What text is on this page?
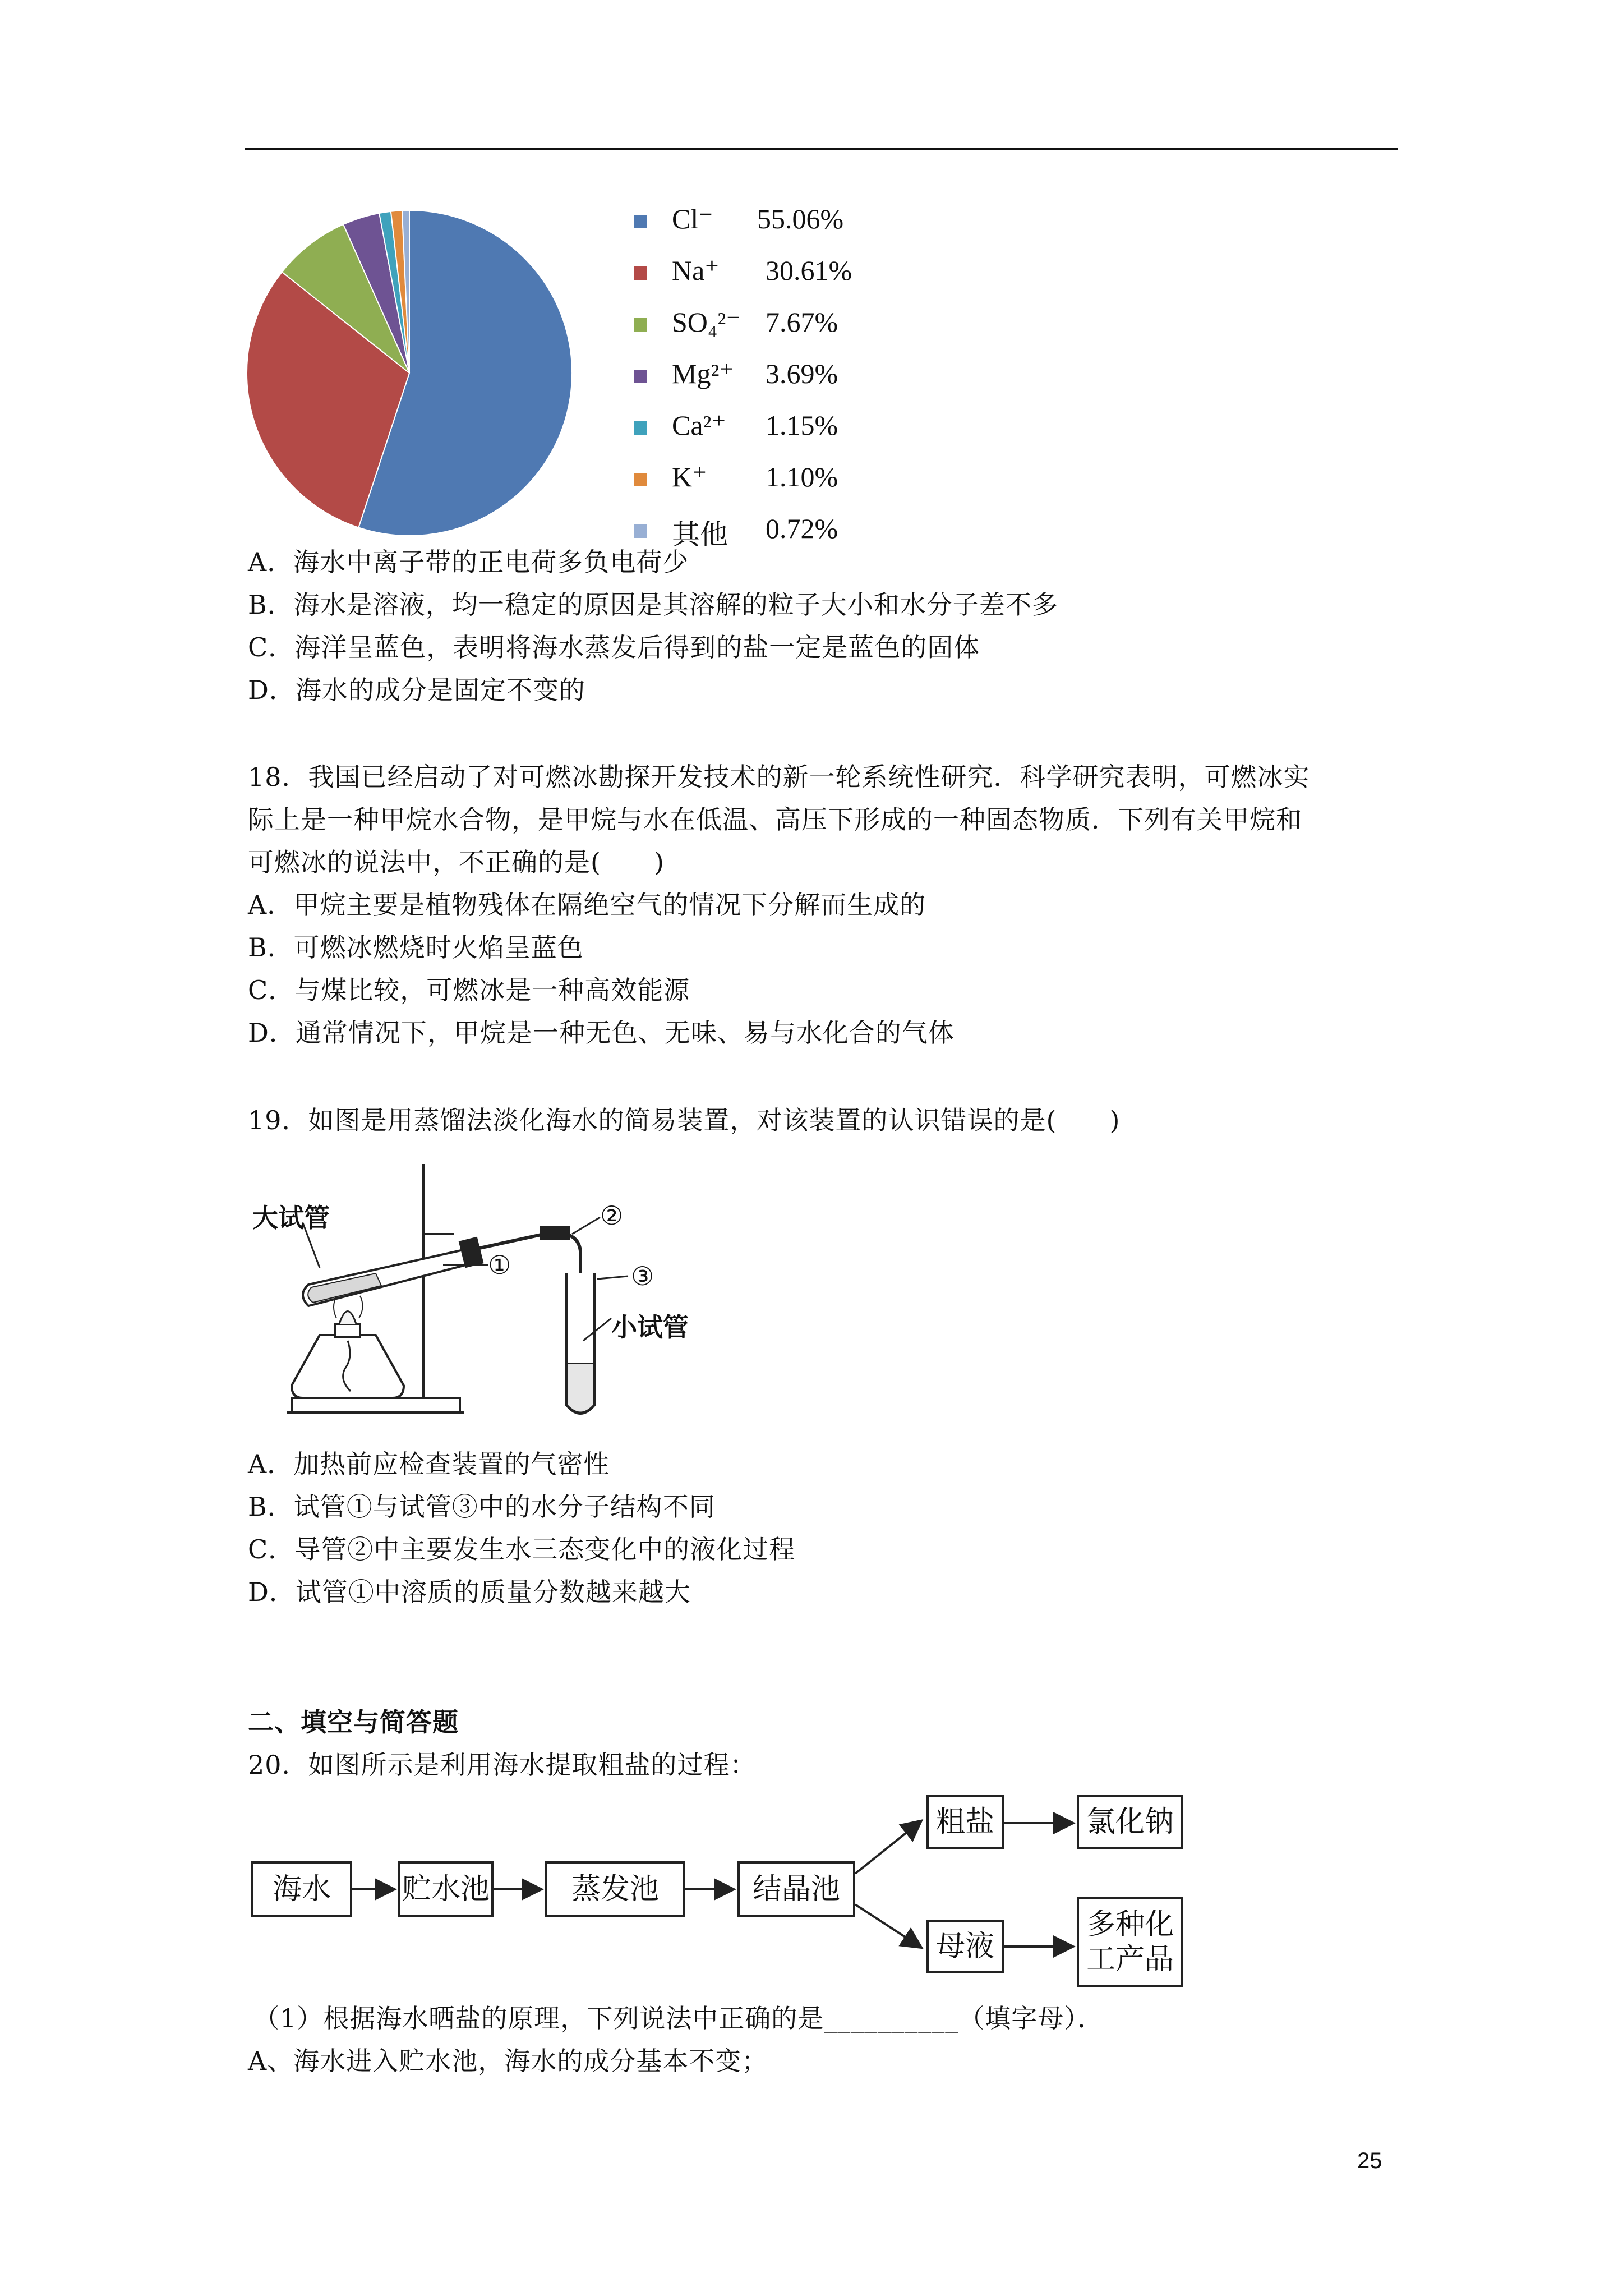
Cl⁻ 55.06%
Na⁺ 30.61%
SO₄²⁻ 7.67%
Mg²⁺ 3.69%
Ca²⁺ 1.15%
K⁺ 1.10%
其他 0.72%
A．海水中离子带的正电荷多负电荷少
B．海水是溶液，均一稳定的原因是其溶解的粒子大小和水分子差不多
C．海洋呈蓝色，表明将海水蒸发后得到的盐一定是蓝色的固体
D．海水的成分是固定不变的
18．我国已经启动了对可燃冰勘探开发技术的新一轮系统性研究．科学研究表明，可燃冰实
际上是一种甲烷水合物，是甲烷与水在低温、高压下形成的一种固态物质．下列有关甲烷和
可燃冰的说法中，不正确的是(　　)
A．甲烷主要是植物残体在隔绝空气的情况下分解而生成的
B．可燃冰燃烧时火焰呈蓝色
C．与煤比较，可燃冰是一种高效能源
D．通常情况下，甲烷是一种无色、无味、易与水化合的气体
19．如图是用蒸馏法淡化海水的简易装置，对该装置的认识错误的是(　　)
大试管
小试管
①
②
③
A．加热前应检查装置的气密性
B．试管①与试管③中的水分子结构不同
C．导管②中主要发生水三态变化中的液化过程
D．试管①中溶质的质量分数越来越大
二、填空与简答题
20．如图所示是利用海水提取粗盐的过程：
海水	贮水池	蒸发池	结晶池
粗盐	氯化钠
母液
多种化
工产品
（1）根据海水晒盐的原理，下列说法中正确的是__________（填字母）．
A、海水进入贮水池，海水的成分基本不变；
25
